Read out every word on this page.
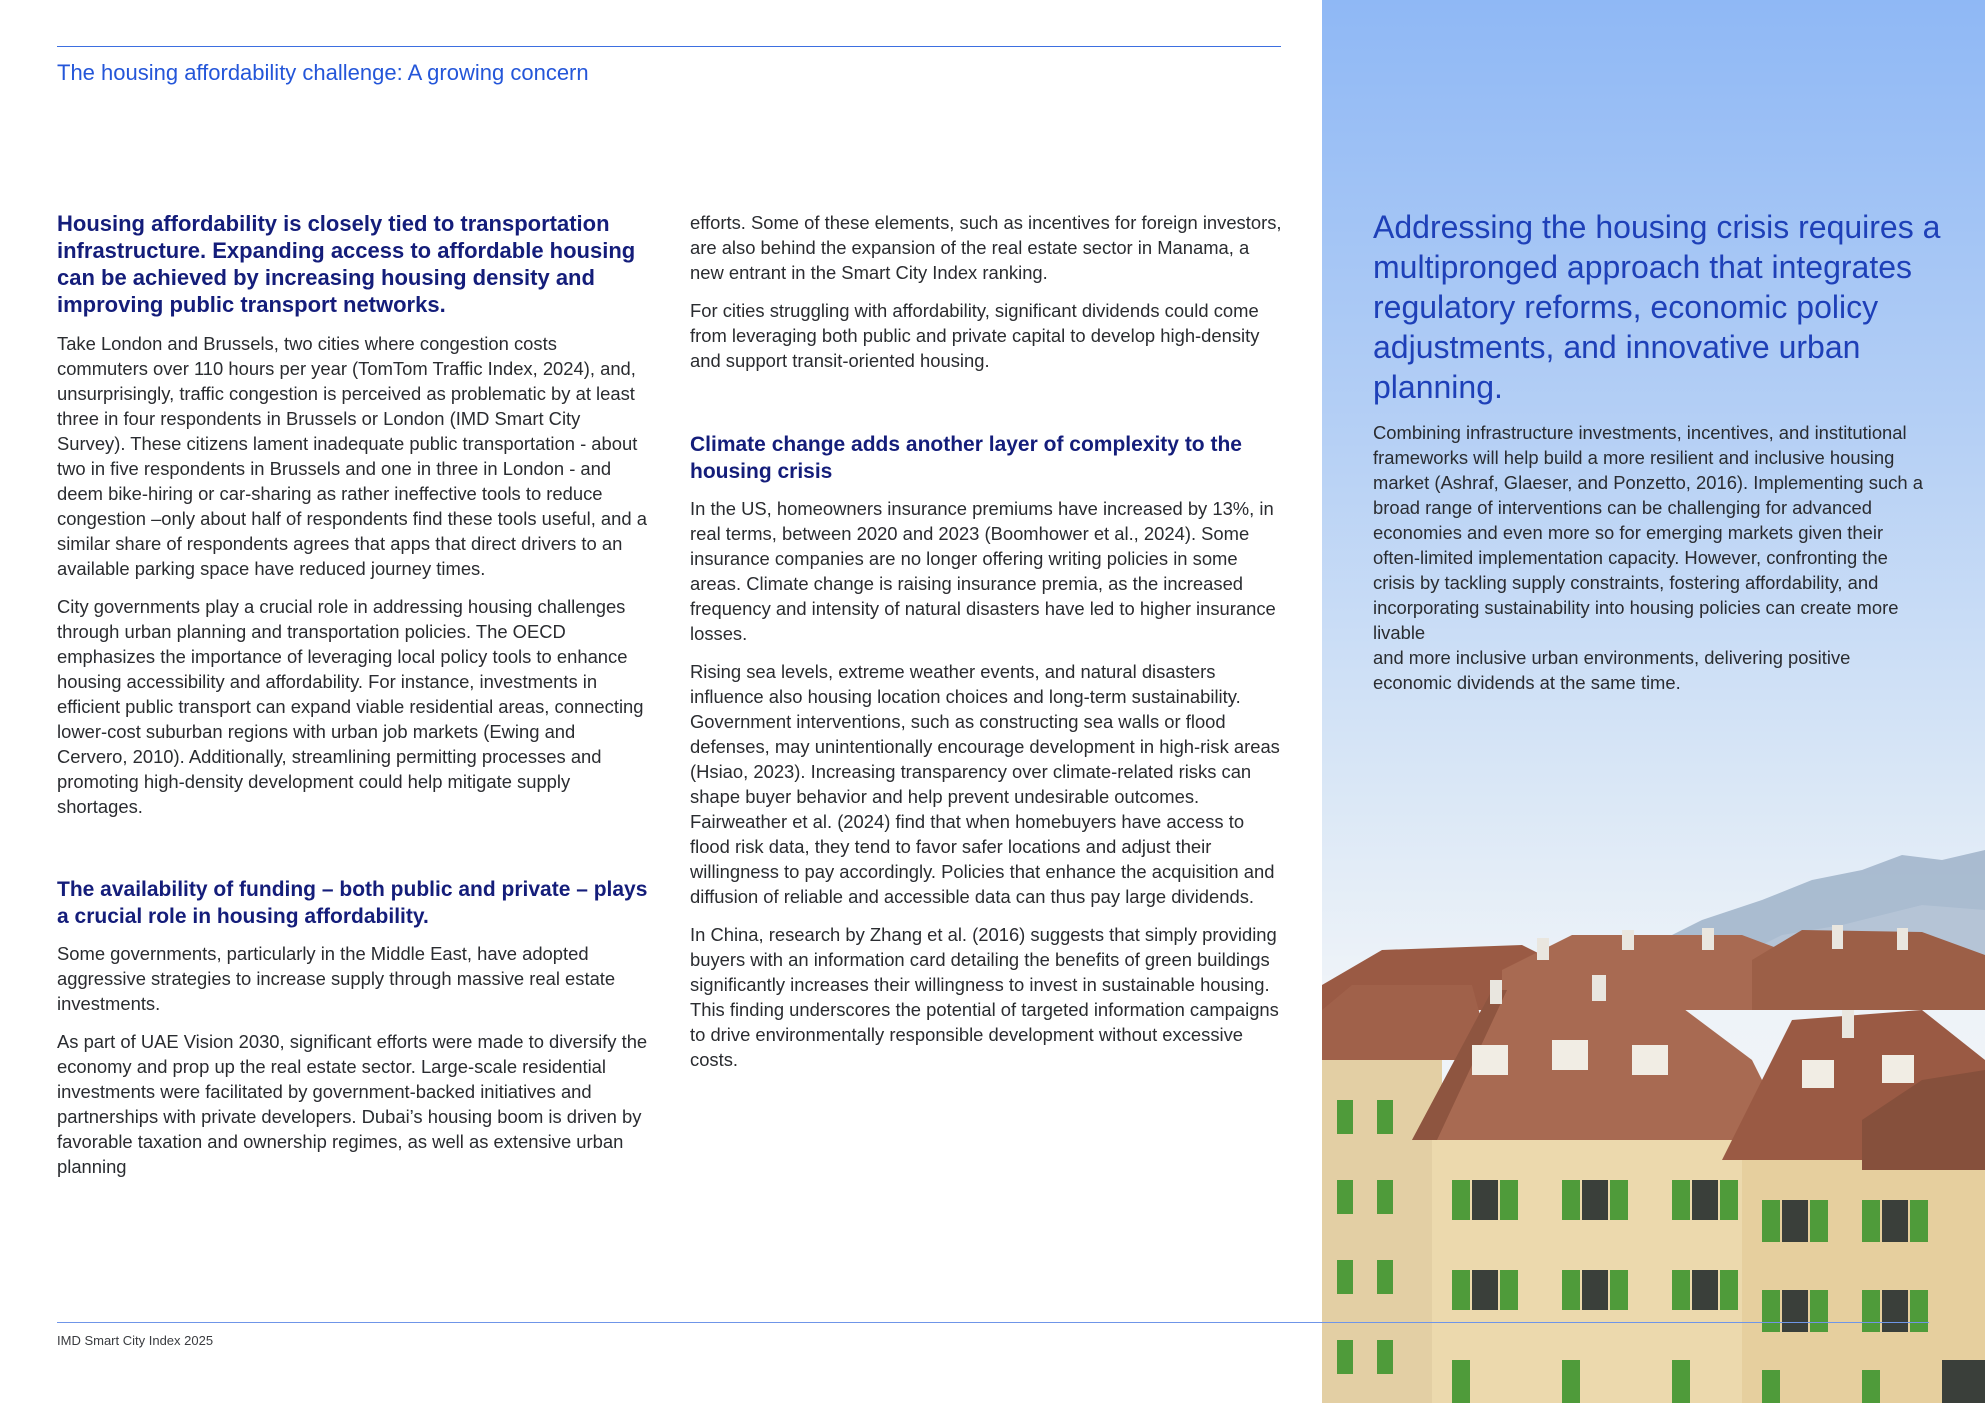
The housing affordability challenge: A growing concern
Housing affordability is closely tied to transportation infrastructure. Expanding access to affordable housing can be achieved by increasing housing density and improving public transport networks.

Take London and Brussels, two cities where congestion costs commuters over 110 hours per year (TomTom Traffic Index, 2024), and, unsurprisingly, traffic congestion is perceived as problematic by at least three in four respondents in Brussels or London (IMD Smart City Survey). These citizens lament inadequate public transportation - about two in five respondents in Brussels and one in three in London - and deem bike-hiring or car-sharing as rather ineffective tools to reduce congestion –only about half of respondents find these tools useful, and a similar share of respondents agrees that apps that direct drivers to an available parking space have reduced journey times.

City governments play a crucial role in addressing housing challenges through urban planning and transportation policies. The OECD emphasizes the importance of leveraging local policy tools to enhance housing accessibility and affordability. For instance, investments in efficient public transport can expand viable residential areas, connecting lower-cost suburban regions with urban job markets (Ewing and Cervero, 2010). Additionally, streamlining permitting processes and promoting high-density development could help mitigate supply shortages.

The availability of funding – both public and private – plays a crucial role in housing affordability.

Some governments, particularly in the Middle East, have adopted aggressive strategies to increase supply through massive real estate investments.

As part of UAE Vision 2030, significant efforts were made to diversify the economy and prop up the real estate sector. Large-scale residential investments were facilitated by government-backed initiatives and partnerships with private developers. Dubai’s housing boom is driven by favorable taxation and ownership regimes, as well as extensive urban planning

efforts. Some of these elements, such as incentives for foreign investors, are also behind the expansion of the real estate sector in Manama, a new entrant in the Smart City Index ranking.

For cities struggling with affordability, significant dividends could come from leveraging both public and private capital to develop high-density and support transit-oriented housing.

Climate change adds another layer of complexity to the housing crisis

In the US, homeowners insurance premiums have increased by 13%, in real terms, between 2020 and 2023 (Boomhower et al., 2024). Some insurance companies are no longer offering writing policies in some areas. Climate change is raising insurance premia, as the increased frequency and intensity of natural disasters have led to higher insurance losses.

Rising sea levels, extreme weather events, and natural disasters influence also housing location choices and long-term sustainability. Government interventions, such as constructing sea walls or flood defenses, may unintentionally encourage development in high-risk areas (Hsiao, 2023). Increasing transparency over climate-related risks can shape buyer behavior and help prevent undesirable outcomes. Fairweather et al. (2024) find that when homebuyers have access to flood risk data, they tend to favor safer locations and adjust their willingness to pay accordingly. Policies that enhance the acquisition and diffusion of reliable and accessible data can thus pay large dividends.

In China, research by Zhang et al. (2016) suggests that simply providing buyers with an information card detailing the benefits of green buildings significantly increases their willingness to invest in sustainable housing. This finding underscores the potential of targeted information campaigns to drive environmentally responsible development without excessive costs.

Addressing the housing crisis requires a multipronged approach that integrates regulatory reforms, economic policy adjustments, and innovative urban planning.
Combining infrastructure investments, incentives, and institutional frameworks will help build a more resilient and inclusive housing market (Ashraf, Glaeser, and Ponzetto, 2016). Implementing such a broad range of interventions can be challenging for advanced economies and even more so for emerging markets given their often-limited implementation capacity. However, confronting the crisis by tackling supply constraints, fostering affordability, and incorporating sustainability into housing policies can create more livable
and more inclusive urban environments, delivering positive economic dividends at the same time.
IMD Smart City Index 2025
